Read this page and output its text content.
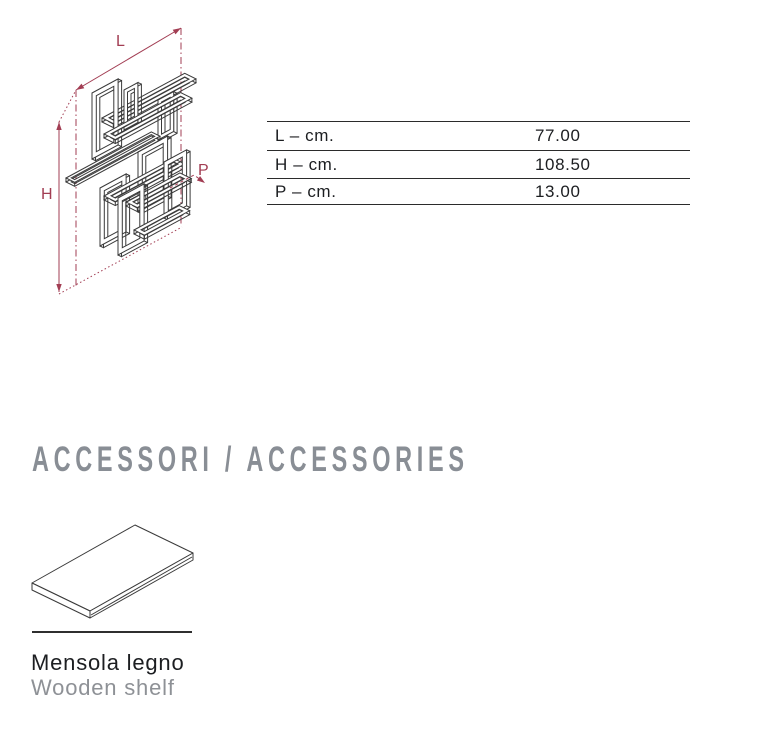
L
H
P
L – cm.	77.00
H – cm.	108.50
P – cm.	13.00
ACCESSORI / ACCESSORIES
Mensola legno
Wooden shelf
